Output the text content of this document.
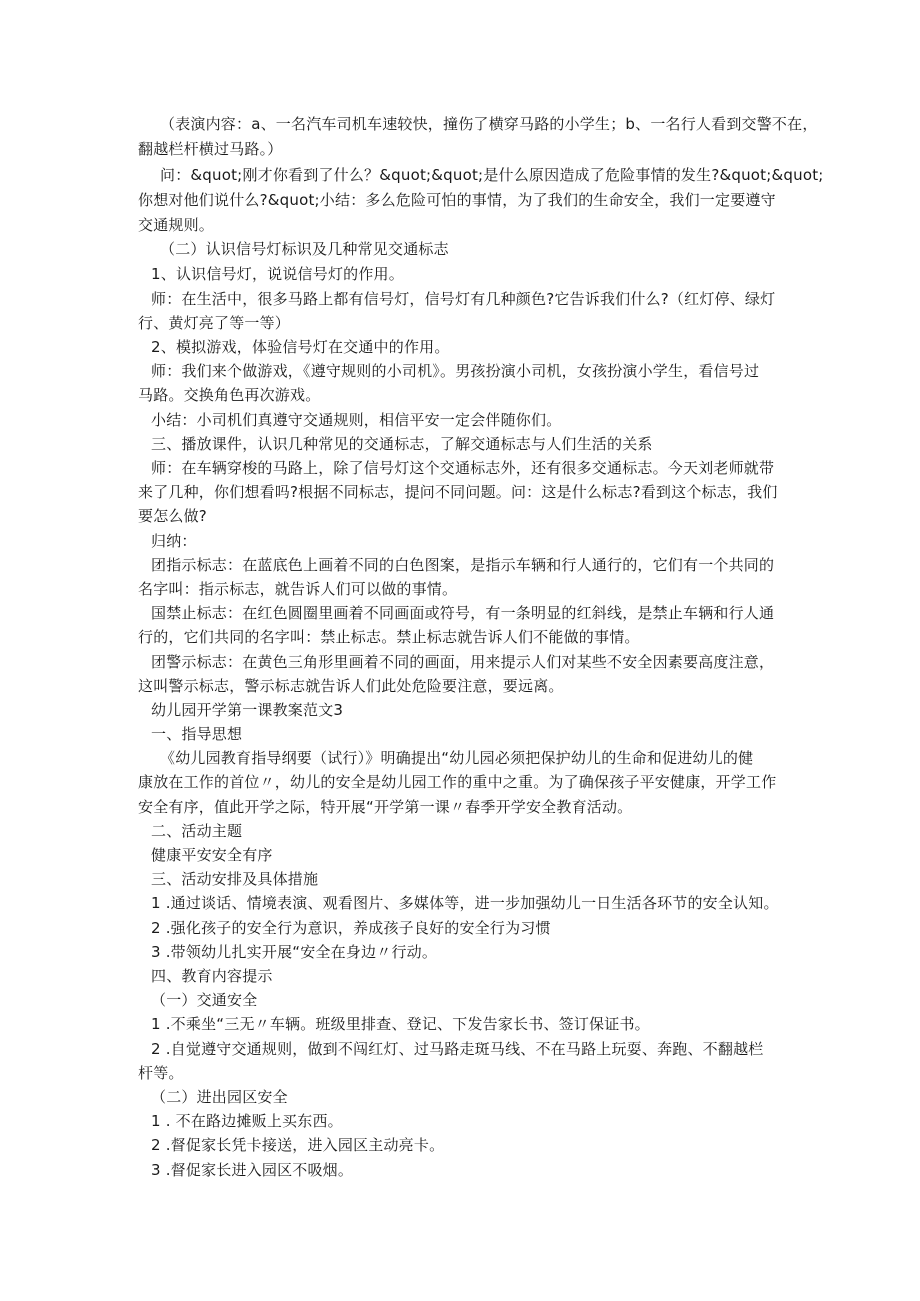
（表演内容：a、一名汽车司机车速较快，撞伤了横穿马路的小学生；b、一名行人看到交警不在，
翻越栏杆横过马路。）
问：&quot;刚才你看到了什么？&quot;&quot;是什么原因造成了危险事情的发生?&quot;&quot;
你想对他们说什么?&quot;小结：多么危险可怕的事情，为了我们的生命安全，我们一定要遵守
交通规则。
（二）认识信号灯标识及几种常见交通标志
1、认识信号灯，说说信号灯的作用。
师：在生活中，很多马路上都有信号灯，信号灯有几种颜色?它告诉我们什么?（红灯停、绿灯
行、黄灯亮了等一等）
2、模拟游戏，体验信号灯在交通中的作用。
师：我们来个做游戏，《遵守规则的小司机》。男孩扮演小司机，女孩扮演小学生，看信号过
马路。交换角色再次游戏。
小结：小司机们真遵守交通规则，相信平安一定会伴随你们。
三、播放课件，认识几种常见的交通标志，了解交通标志与人们生活的关系
师：在车辆穿梭的马路上，除了信号灯这个交通标志外，还有很多交通标志。今天刘老师就带
来了几种，你们想看吗?根据不同标志，提问不同问题。问：这是什么标志?看到这个标志，我们
要怎么做?
归纳：
团指示标志：在蓝底色上画着不同的白色图案，是指示车辆和行人通行的，它们有一个共同的
名字叫：指示标志，就告诉人们可以做的事情。
国禁止标志：在红色圆圈里画着不同画面或符号，有一条明显的红斜线，是禁止车辆和行人通
行的，它们共同的名字叫：禁止标志。禁止标志就告诉人们不能做的事情。
团警示标志：在黄色三角形里画着不同的画面，用来提示人们对某些不安全因素要高度注意，
这叫警示标志，警示标志就告诉人们此处危险要注意，要远离。
幼儿园开学第一课教案范文3
一、指导思想
《幼儿园教育指导纲要（试行）》明确提出“幼儿园必须把保护幼儿的生命和促进幼儿的健
康放在工作的首位〃，幼儿的安全是幼儿园工作的重中之重。为了确保孩子平安健康，开学工作
安全有序，值此开学之际，特开展“开学第一课〃春季开学安全教育活动。
二、活动主题
健康平安安全有序
三、活动安排及具体措施
1 .通过谈话、情境表演、观看图片、多媒体等，进一步加强幼儿一日生活各环节的安全认知。
2 .强化孩子的安全行为意识，养成孩子良好的安全行为习惯
3 .带领幼儿扎实开展“安全在身边〃行动。
四、教育内容提示
（一）交通安全
1 .不乘坐“三无〃车辆。班级里排查、登记、下发告家长书、签订保证书。
2 .自觉遵守交通规则，做到不闯红灯、过马路走斑马线、不在马路上玩耍、奔跑、不翻越栏
杆等。
（二）进出园区安全
1 . 不在路边摊贩上买东西。
2 .督促家长凭卡接送，进入园区主动亮卡。
3 .督促家长进入园区不吸烟。
